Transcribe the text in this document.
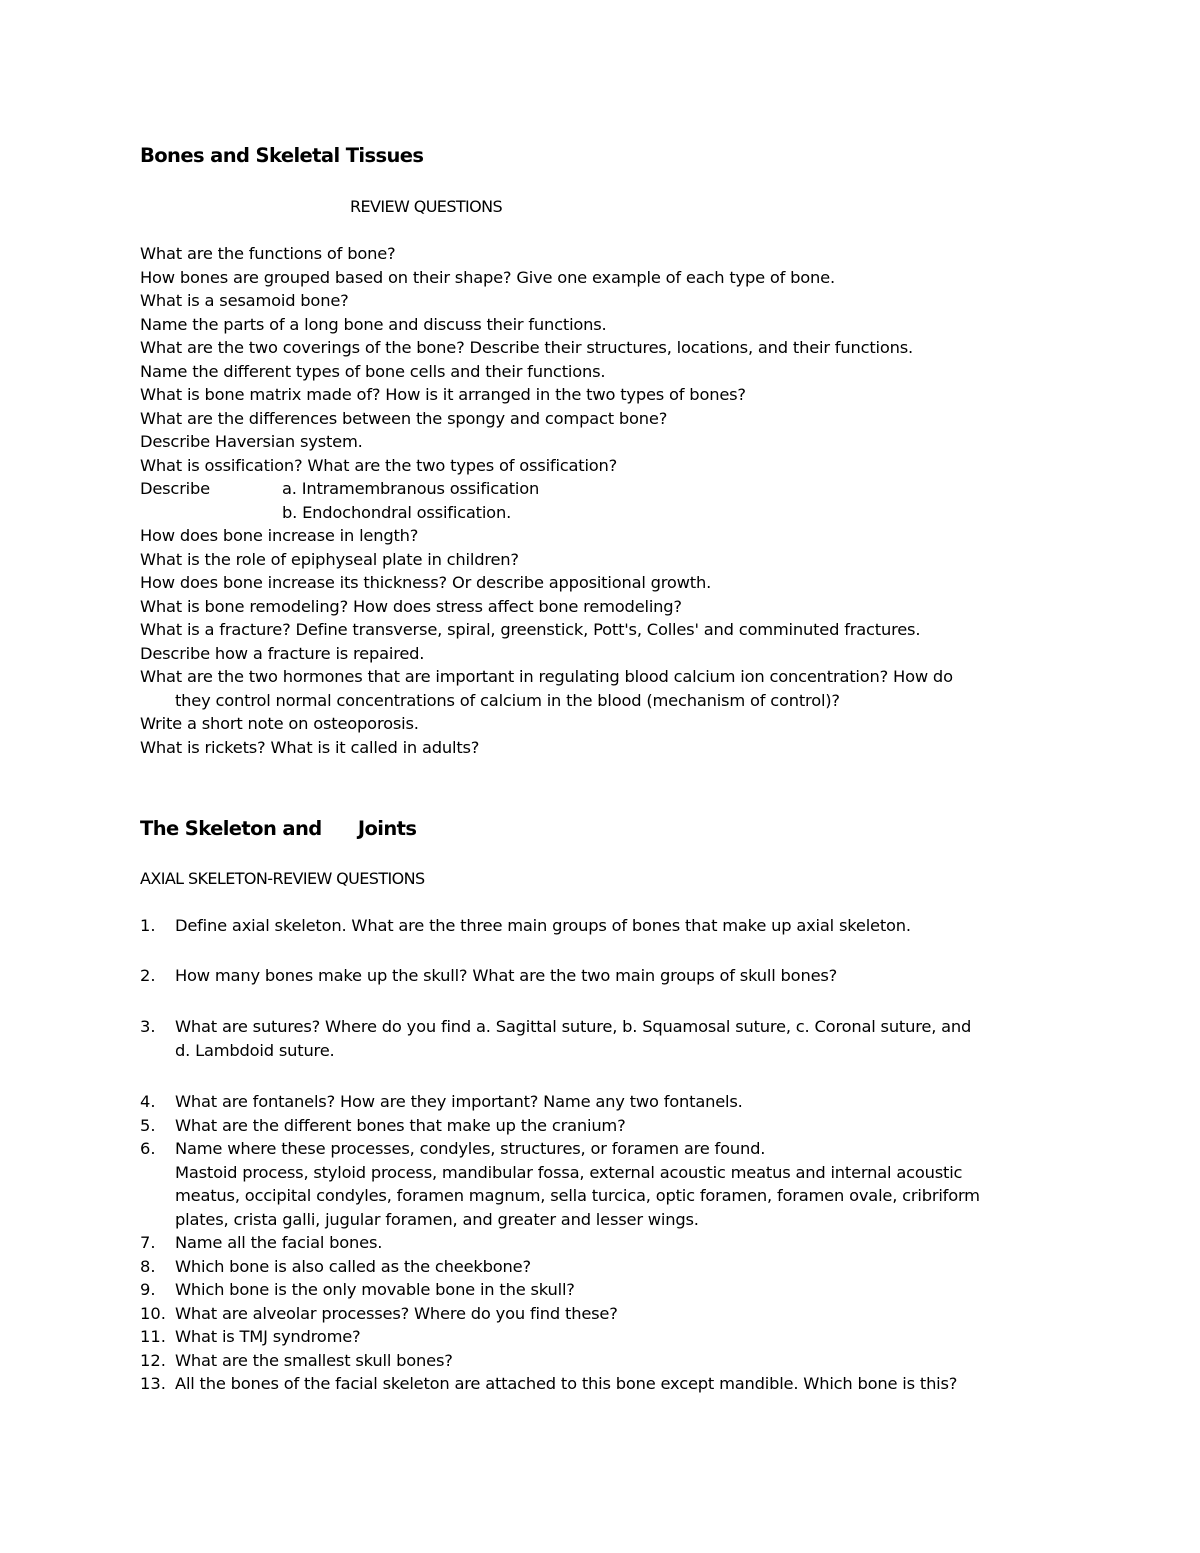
Bones and Skeletal Tissues
REVIEW QUESTIONS
What are the functions of bone?
How bones are grouped based on their shape? Give one example of each type of bone.
What is a sesamoid bone?
Name the parts of a long bone and discuss their functions.
What are the two coverings of the bone? Describe their structures, locations, and their functions.
Name the different types of bone cells and their functions.
What is bone matrix made of? How is it arranged in the two types of bones?
What are the differences between the spongy and compact bone?
Describe Haversian system.
What is ossification? What are the two types of ossification?
Describe	a. Intramembranous ossification
b. Endochondral ossification.
How does bone increase in length?
What is the role of epiphyseal plate in children?
How does bone increase its thickness? Or describe appositional growth.
What is bone remodeling? How does stress affect bone remodeling?
What is a fracture? Define transverse, spiral, greenstick, Pott's, Colles' and comminuted fractures.
Describe how a fracture is repaired.
What are the two hormones that are important in regulating blood calcium ion concentration? How do
they control normal concentrations of calcium in the blood (mechanism of control)?
Write a short note on osteoporosis.
What is rickets? What is it called in adults?
The Skeleton and Joints
AXIAL SKELETON-REVIEW QUESTIONS
1. Define axial skeleton. What are the three main groups of bones that make up axial skeleton.
2. How many bones make up the skull? What are the two main groups of skull bones?
3. What are sutures? Where do you find a. Sagittal suture, b. Squamosal suture, c. Coronal suture, and
d. Lambdoid suture.
4. What are fontanels? How are they important? Name any two fontanels.
5. What are the different bones that make up the cranium?
6. Name where these processes, condyles, structures, or foramen are found.
Mastoid process, styloid process, mandibular fossa, external acoustic meatus and internal acoustic
meatus, occipital condyles, foramen magnum, sella turcica, optic foramen, foramen ovale, cribriform
plates, crista galli, jugular foramen, and greater and lesser wings.
7. Name all the facial bones.
8. Which bone is also called as the cheekbone?
9. Which bone is the only movable bone in the skull?
10. What are alveolar processes? Where do you find these?
11. What is TMJ syndrome?
12. What are the smallest skull bones?
13. All the bones of the facial skeleton are attached to this bone except mandible. Which bone is this?
